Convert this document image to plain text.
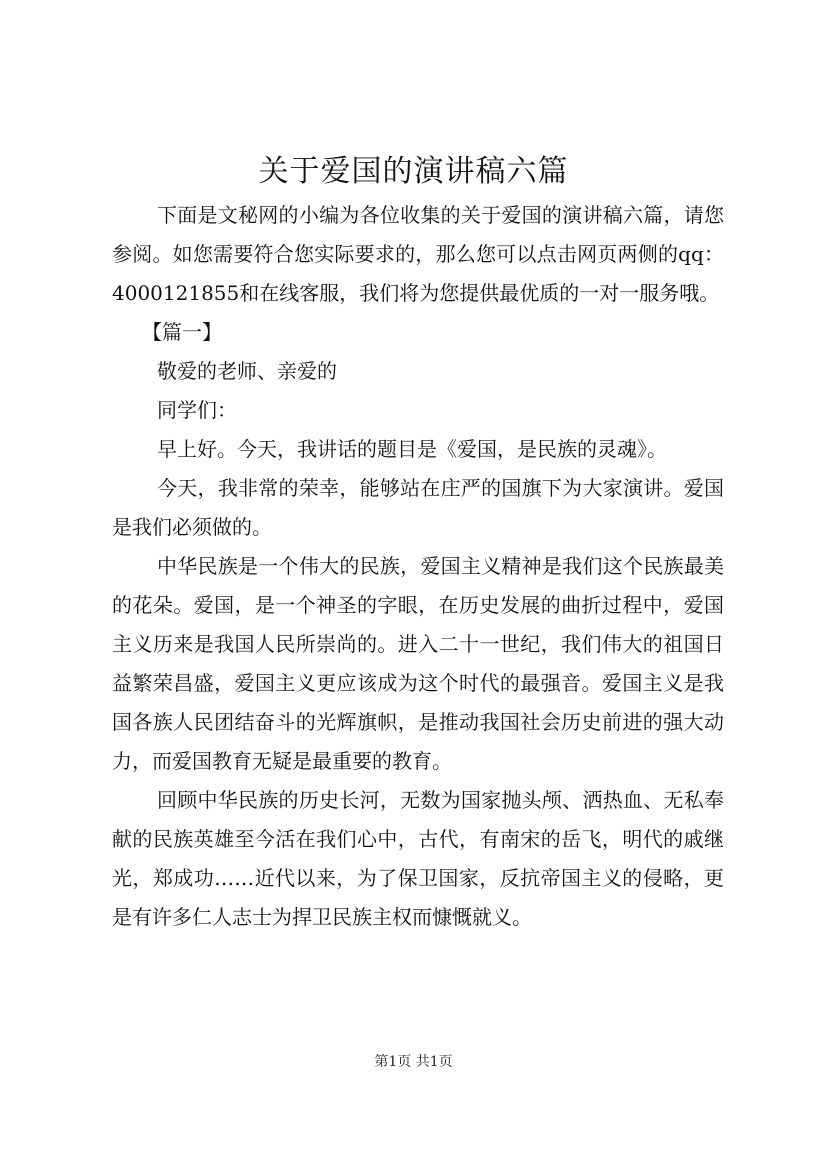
关于爱国的演讲稿六篇

下面是文秘网的小编为各位收集的关于爱国的演讲稿六篇，请您参阅。如您需要符合您实际要求的，那么您可以点击网页两侧的qq：4000121855和在线客服，我们将为您提供最优质的一对一服务哦。

【篇一】

敬爱的老师、亲爱的

同学们：

早上好。今天，我讲话的题目是《爱国，是民族的灵魂》。

今天，我非常的荣幸，能够站在庄严的国旗下为大家演讲。爱国是我们必须做的。

中华民族是一个伟大的民族，爱国主义精神是我们这个民族最美的花朵。爱国，是一个神圣的字眼，在历史发展的曲折过程中，爱国主义历来是我国人民所崇尚的。进入二十一世纪，我们伟大的祖国日益繁荣昌盛，爱国主义更应该成为这个时代的最强音。爱国主义是我国各族人民团结奋斗的光辉旗帜，是推动我国社会历史前进的强大动力，而爱国教育无疑是最重要的教育。

回顾中华民族的历史长河，无数为国家抛头颅、洒热血、无私奉献的民族英雄至今活在我们心中，古代，有南宋的岳飞，明代的戚继光，郑成功……近代以来，为了保卫国家，反抗帝国主义的侵略，更是有许多仁人志士为捍卫民族主权而慷慨就义。

第1页 共1页
